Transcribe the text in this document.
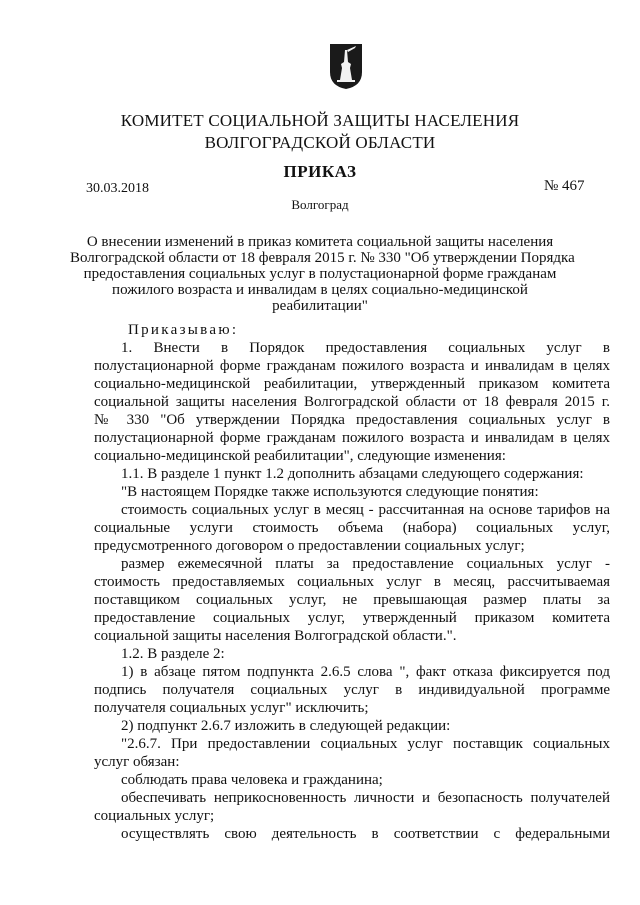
КОМИТЕТ СОЦИАЛЬНОЙ ЗАЩИТЫ НАСЕЛЕНИЯ
ВОЛГОГРАДСКОЙ ОБЛАСТИ
ПРИКАЗ
30.03.2018	№ 467
Волгоград
О внесении изменений в приказ комитета социальной защиты населения
Волгоградской области от 18 февраля 2015 г. № 330 "Об утверждении Порядка
предоставления социальных услуг в полустационарной форме гражданам
пожилого возраста и инвалидам в целях социально-медицинской
реабилитации"
Приказываю:
1. Внести в Порядок предоставления социальных услуг в
полустационарной форме гражданам пожилого возраста и инвалидам в целях
социально-медицинской реабилитации, утвержденный приказом комитета
социальной защиты населения Волгоградской области от 18 февраля 2015 г.
№ 330 "Об утверждении Порядка предоставления социальных услуг в
полустационарной форме гражданам пожилого возраста и инвалидам в целях
социально-медицинской реабилитации", следующие изменения:
1.1. В разделе 1 пункт 1.2 дополнить абзацами следующего содержания:
"В настоящем Порядке также используются следующие понятия:
стоимость социальных услуг в месяц - рассчитанная на основе тарифов на
социальные услуги стоимость объема (набора) социальных услуг,
предусмотренного договором о предоставлении социальных услуг;
размер ежемесячной платы за предоставление социальных услуг -
стоимость предоставляемых социальных услуг в месяц, рассчитываемая
поставщиком социальных услуг, не превышающая размер платы за
предоставление социальных услуг, утвержденный приказом комитета
социальной защиты населения Волгоградской области.".
1.2. В разделе 2:
1) в абзаце пятом подпункта 2.6.5 слова ", факт отказа фиксируется под
подпись получателя социальных услуг в индивидуальной программе
получателя социальных услуг" исключить;
2) подпункт 2.6.7 изложить в следующей редакции:
"2.6.7. При предоставлении социальных услуг поставщик социальных
услуг обязан:
соблюдать права человека и гражданина;
обеспечивать неприкосновенность личности и безопасность получателей
социальных услуг;
осуществлять свою деятельность в соответствии с федеральными
